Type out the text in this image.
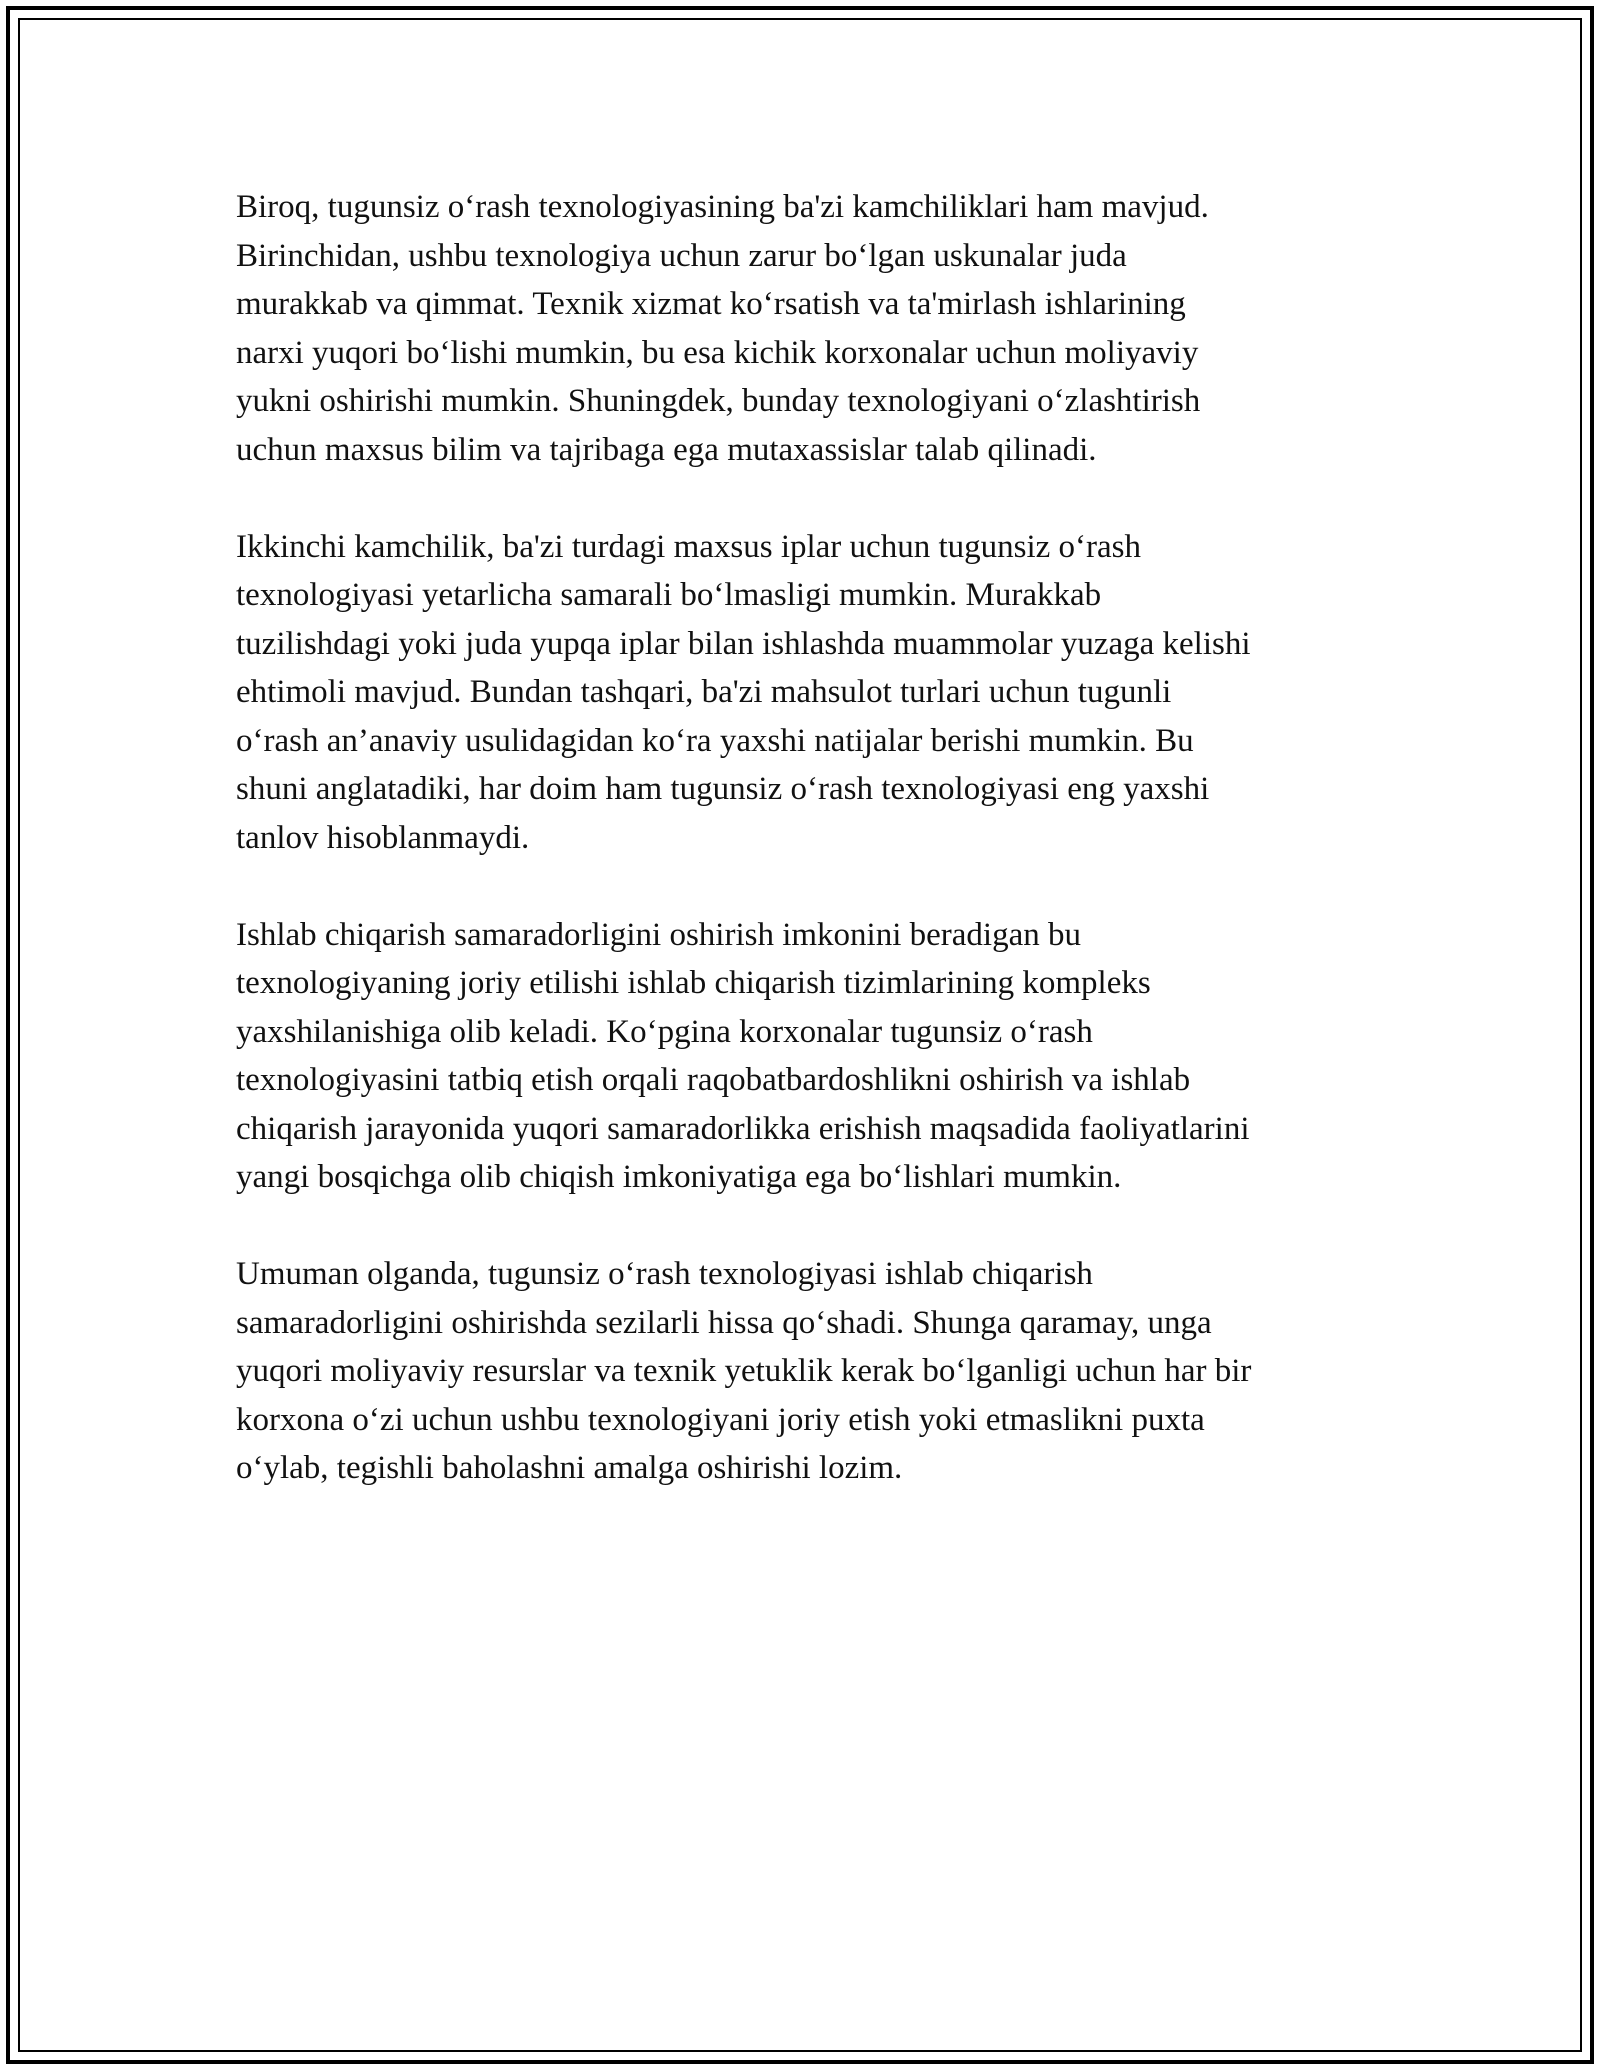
Biroq, tugunsiz o‘rash texnologiyasining ba'zi kamchiliklari ham mavjud.
Birinchidan, ushbu texnologiya uchun zarur bo‘lgan uskunalar juda
murakkab va qimmat. Texnik xizmat ko‘rsatish va ta'mirlash ishlarining
narxi yuqori bo‘lishi mumkin, bu esa kichik korxonalar uchun moliyaviy
yukni oshirishi mumkin. Shuningdek, bunday texnologiyani o‘zlashtirish
uchun maxsus bilim va tajribaga ega mutaxassislar talab qilinadi.

Ikkinchi kamchilik, ba'zi turdagi maxsus iplar uchun tugunsiz o‘rash
texnologiyasi yetarlicha samarali bo‘lmasligi mumkin. Murakkab
tuzilishdagi yoki juda yupqa iplar bilan ishlashda muammolar yuzaga kelishi
ehtimoli mavjud. Bundan tashqari, ba'zi mahsulot turlari uchun tugunli
o‘rash an’anaviy usulidagidan ko‘ra yaxshi natijalar berishi mumkin. Bu
shuni anglatadiki, har doim ham tugunsiz o‘rash texnologiyasi eng yaxshi
tanlov hisoblanmaydi.

Ishlab chiqarish samaradorligini oshirish imkonini beradigan bu
texnologiyaning joriy etilishi ishlab chiqarish tizimlarining kompleks
yaxshilanishiga olib keladi. Ko‘pgina korxonalar tugunsiz o‘rash
texnologiyasini tatbiq etish orqali raqobatbardoshlikni oshirish va ishlab
chiqarish jarayonida yuqori samaradorlikka erishish maqsadida faoliyatlarini
yangi bosqichga olib chiqish imkoniyatiga ega bo‘lishlari mumkin.

Umuman olganda, tugunsiz o‘rash texnologiyasi ishlab chiqarish
samaradorligini oshirishda sezilarli hissa qo‘shadi. Shunga qaramay, unga
yuqori moliyaviy resurslar va texnik yetuklik kerak bo‘lganligi uchun har bir
korxona o‘zi uchun ushbu texnologiyani joriy etish yoki etmaslikni puxta
o‘ylab, tegishli baholashni amalga oshirishi lozim.
